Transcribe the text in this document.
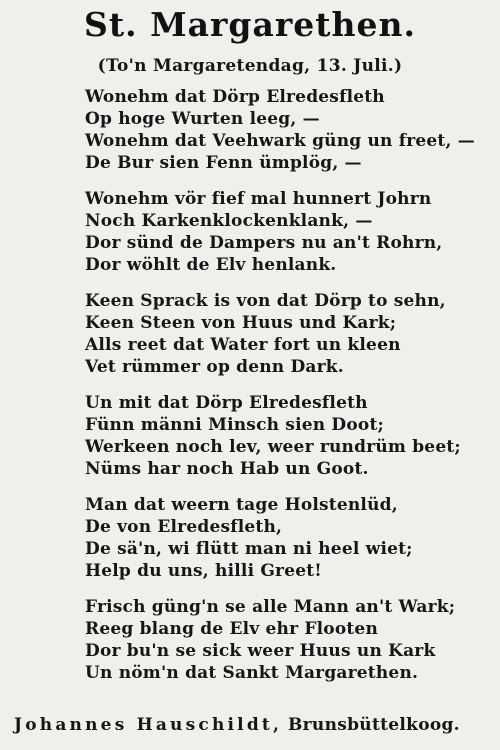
St. Margarethen.
(To'n Margaretendag, 13. Juli.)
Wonehm dat Dörp Elredesfleth
Op hoge Wurten leeg, —
Wonehm dat Veehwark güng un freet, —
De Bur sien Fenn ümplög, —
Wonehm vör fief mal hunnert Johrn
Noch Karkenklockenklank, —
Dor sünd de Dampers nu an't Rohrn,
Dor wöhlt de Elv henlank.
Keen Sprack is von dat Dörp to sehn,
Keen Steen von Huus und Kark;
Alls reet dat Water fort un kleen
Vet rümmer op denn Dark.
Un mit dat Dörp Elredesfleth
Fünn männi Minsch sien Doot;
Werkeen noch lev, weer rundrüm beet;
Nüms har noch Hab un Goot.
Man dat weern tage Holstenlüd,
De von Elredesfleth,
De sä'n, wi flütt man ni heel wiet;
Help du uns, hilli Greet!
Frisch güng'n se alle Mann an't Wark;
Reeg blang de Elv ehr Flooten
Dor bu'n se sick weer Huus un Kark
Un nöm'n dat Sankt Margarethen.
Johannes Hauschildt, Brunsbüttelkoog.
